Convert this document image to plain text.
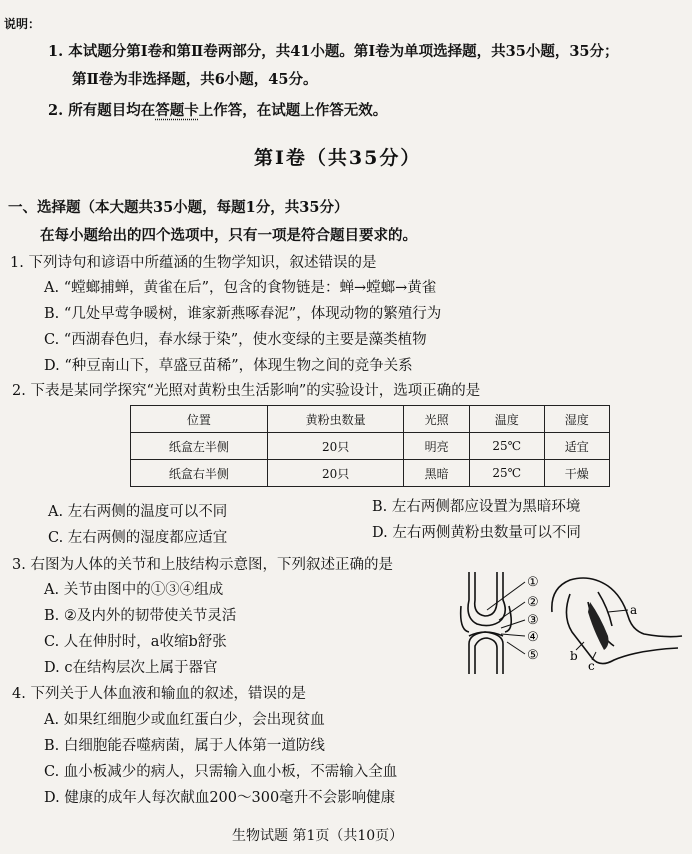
说明：
1. 本试题分第Ⅰ卷和第Ⅱ卷两部分，共41小题。第Ⅰ卷为单项选择题，共35小题，35分；
第Ⅱ卷为非选择题，共6小题，45分。
2. 所有题目均在答题卡上作答，在试题上作答无效。
第Ⅰ卷（共35分）
一、选择题（本大题共35小题，每题1分，共35分）
在每小题给出的四个选项中，只有一项是符合题目要求的。
1. 下列诗句和谚语中所蕴涵的生物学知识，叙述错误的是
A. “螳螂捕蝉，黄雀在后”，包含的食物链是：蝉→螳螂→黄雀
B. “几处早莺争暖树，谁家新燕啄春泥”，体现动物的繁殖行为
C. “西湖春色归，春水绿于染”，使水变绿的主要是藻类植物
D. “种豆南山下，草盛豆苗稀”，体现生物之间的竞争关系
2. 下表是某同学探究“光照对黄粉虫生活影响”的实验设计，选项正确的是
位置	黄粉虫数量	光照	温度	湿度
纸盒左半侧	20只	明亮	25℃	适宜
纸盒右半侧	20只	黑暗	25℃	干燥
A. 左右两侧的温度可以不同	B. 左右两侧都应设置为黑暗环境
C. 左右两侧的湿度都应适宜	D. 左右两侧黄粉虫数量可以不同
3. 右图为人体的关节和上肢结构示意图，下列叙述正确的是
A. 关节由图中的①③④组成
B. ②及内外的韧带使关节灵活
C. 人在伸肘时，a收缩b舒张
D. c在结构层次上属于器官
①
②
③
④
⑤
a
b
c
4. 下列关于人体血液和输血的叙述，错误的是
A. 如果红细胞少或血红蛋白少，会出现贫血
B. 白细胞能吞噬病菌，属于人体第一道防线
C. 血小板减少的病人，只需输入血小板，不需输入全血
D. 健康的成年人每次献血200～300毫升不会影响健康
生物试题 第1页（共10页）
